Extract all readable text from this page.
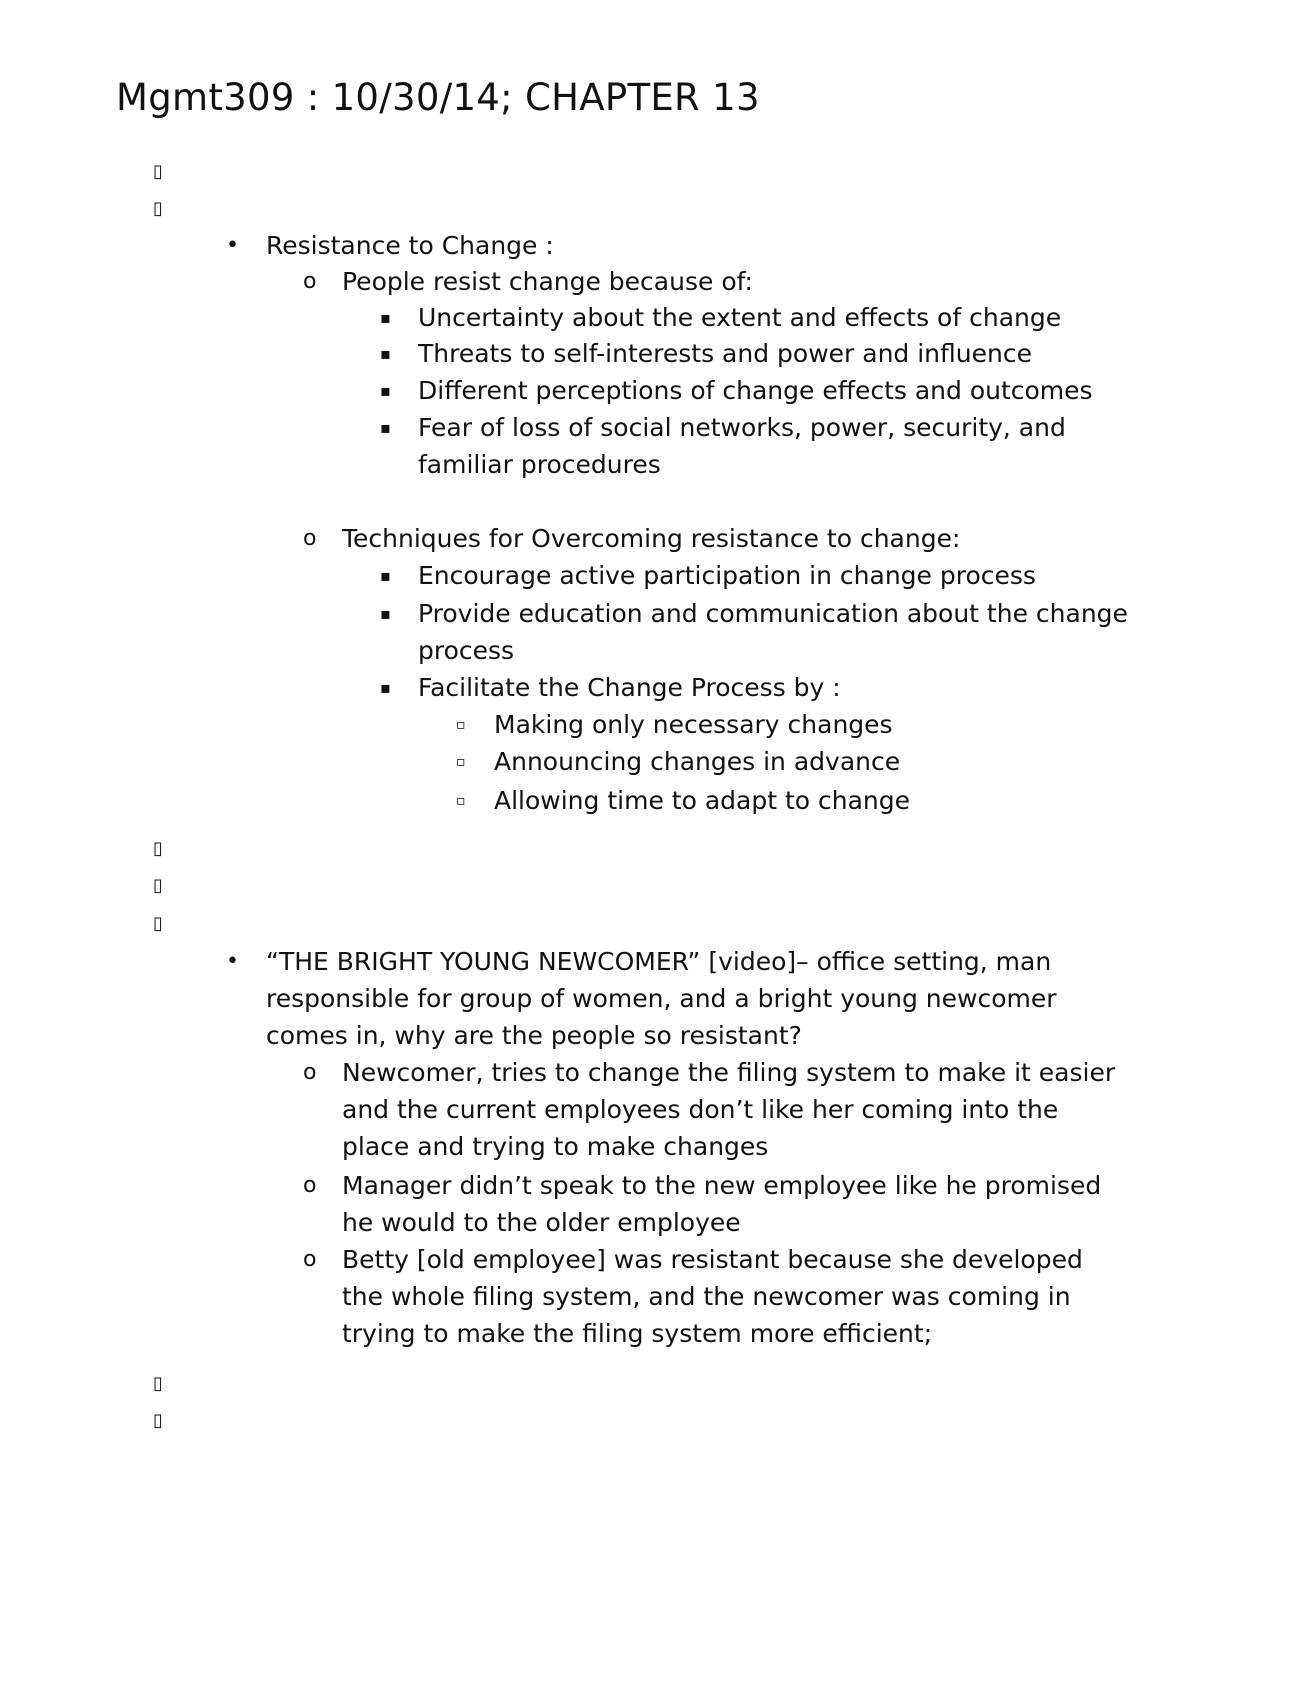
Mgmt309 : 10/30/14; CHAPTER 13
▯
▯
• Resistance to Change :
o People resist change because of:
▪ Uncertainty about the extent and effects of change
▪ Threats to self-interests and power and influence
▪ Different perceptions of change effects and outcomes
▪ Fear of loss of social networks, power, security, and
familiar procedures
o Techniques for Overcoming resistance to change:
▪ Encourage active participation in change process
▪ Provide education and communication about the change
process
▪ Facilitate the Change Process by :
▫ Making only necessary changes
▫ Announcing changes in advance
▫ Allowing time to adapt to change
▯
▯
▯
• “THE BRIGHT YOUNG NEWCOMER” [video]– office setting, man
responsible for group of women, and a bright young newcomer
comes in, why are the people so resistant?
o Newcomer, tries to change the filing system to make it easier
and the current employees don’t like her coming into the
place and trying to make changes
o Manager didn’t speak to the new employee like he promised
he would to the older employee
o Betty [old employee] was resistant because she developed
the whole filing system, and the newcomer was coming in
trying to make the filing system more efficient;
▯
▯
